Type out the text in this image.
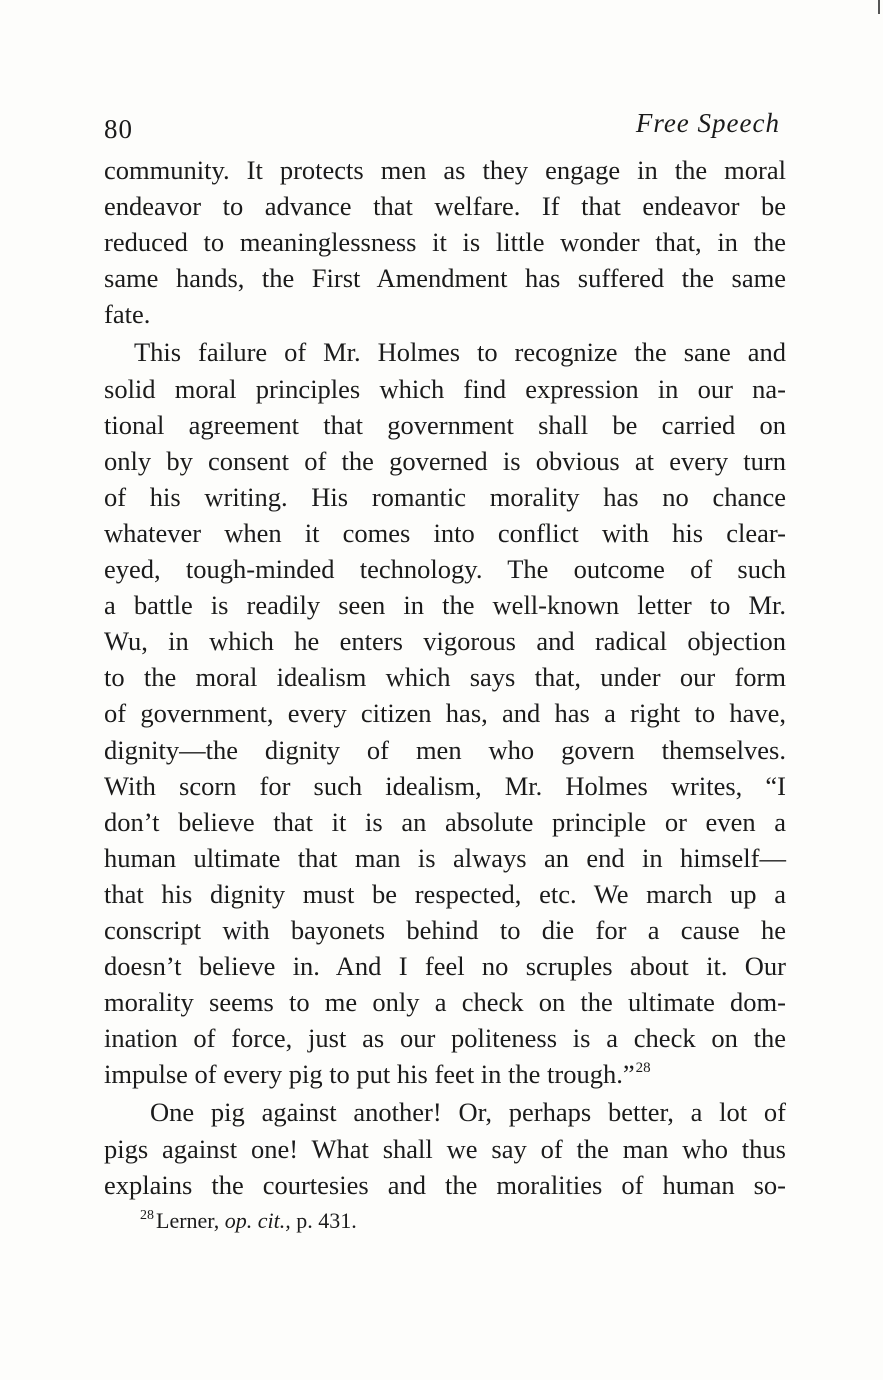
80	Free Speech
community. It protects men as they engage in the moral
endeavor to advance that welfare. If that endeavor be
reduced to meaninglessness it is little wonder that, in the
same hands, the First Amendment has suffered the same
fate.
This failure of Mr. Holmes to recognize the sane and
solid moral principles which find expression in our na-
tional agreement that government shall be carried on
only by consent of the governed is obvious at every turn
of his writing. His romantic morality has no chance
whatever when it comes into conflict with his clear-
eyed, tough-minded technology. The outcome of such
a battle is readily seen in the well-known letter to Mr.
Wu, in which he enters vigorous and radical objection
to the moral idealism which says that, under our form
of government, every citizen has, and has a right to have,
dignity—the dignity of men who govern themselves.
With scorn for such idealism, Mr. Holmes writes, “I
don’t believe that it is an absolute principle or even a
human ultimate that man is always an end in himself—
that his dignity must be respected, etc. We march up a
conscript with bayonets behind to die for a cause he
doesn’t believe in. And I feel no scruples about it. Our
morality seems to me only a check on the ultimate dom-
ination of force, just as our politeness is a check on the
impulse of every pig to put his feet in the trough.”$^{28}$
One pig against another! Or, perhaps better, a lot of
pigs against one! What shall we say of the man who thus
explains the courtesies and the moralities of human so-
$^{28}$Lerner, op. cit., p. 431.
